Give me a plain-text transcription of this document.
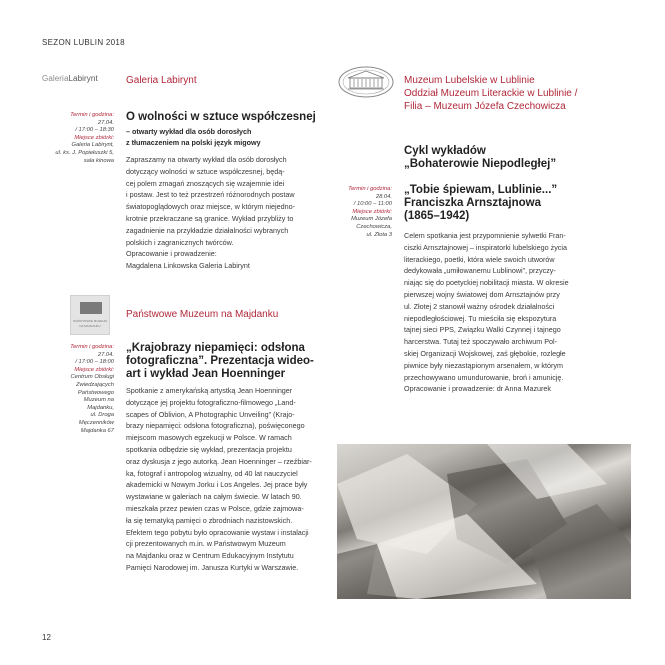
SEZON LUBLIN 2018
GaleriaLabirynt	Galeria Labirynt
Termin i godzina:
27.04.
/ 17:00 – 18:30
Miejsce zbiórki:
Galeria Labirynt,
ul. ks. J. Popiełuszki 5,
sala kinowa
O wolności w sztuce współczesnej
– otwarty wykład dla osób dorosłych
z tłumaczeniem na polski język migowy

Zapraszamy na otwarty wykład dla osób dorosłych

dotyczący wolności w sztuce współczesnej, będą-

cej polem zmagań znoszących się wzajemnie idei

i postaw. Jest to też przestrzeń różnorodnych postaw

światopoglądowych oraz miejsce, w którym niejedno-

krotnie przekraczane są granice. Wykład przybliży to

zagadnienie na przykładzie działalności wybranych

polskich i zagranicznych twórców.

Opracowanie i prowadzenie:

Magdalena Linkowska Galeria Labirynt

PAŃSTWOWE MUZEUM
NA MAJDANKU
Państwowe Muzeum na Majdanku
Termin i godzina:
27.04.
/ 17:00 – 18:00
Miejsce zbiórki:
Centrum Obsługi
Zwiedzających
Państwowego
Muzeum na
Majdanku,
ul. Droga
Męczenników
Majdanka 67
„Krajobrazy niepamięci: odsłona
fotograficzna”. Prezentacja wideo-
art i wykład Jean Hoenninger

Spotkanie z amerykańską artystką Jean Hoenninger

dotyczące jej projektu fotograficzno-filmowego „Land-

scapes of Oblivion, A Photographic Unveiling” (Krajo-

brazy niepamięci: odsłona fotograficzna), poświęconego

miejscom masowych egzekucji w Polsce. W ramach

spotkania odbędzie się wykład, prezentacja projektu

oraz dyskusja z jego autorką. Jean Hoenninger – rzeźbiar-

ka, fotograf i antropolog wizualny, od 40 lat nauczyciel

akademicki w Nowym Jorku i Los Angeles. Jej prace były

wystawiane w galeriach na całym świecie. W latach 90.

mieszkała przez pewien czas w Polsce, gdzie zajmowa-

ła się tematyką pamięci o zbrodniach nazistowskich.

Efektem tego pobytu było opracowanie wystaw i instalacji

cji prezentowanych m.in. w Państwowym Muzeum

na Majdanku oraz w Centrum Edukacyjnym Instytutu

Pamięci Narodowej im. Janusza Kurtyki w Warszawie.

Muzeum Lubelskie w Lublinie
Oddział Muzeum Literackie w Lublinie /
Filia – Muzeum Józefa Czechowicza
Cykl wykładów
„Bohaterowie Niepodległej”
Termin i godzina:
28.04.
/ 10:00 – 11:00
Miejsce zbiórki:
Muzeum Józefa
Czechowicza,
ul. Złota 3
„Tobie śpiewam, Lublinie...”
Franciszka Arnsztajnowa
(1865–1942)

Celem spotkania jest przypomnienie sylwetki Fran-

ciszki Arnsztajnowej – inspiratorki lubelskiego życia

literackiego, poetki, która wiele swoich utworów

dedykowała „umiłowanemu Lublinowi”, przyczy-

niając się do poetyckiej nobilitacji miasta. W okresie

pierwszej wojny światowej dom Arnsztajnów przy

ul. Złotej 2 stanowił ważny ośrodek działalności

niepodległościowej. Tu mieściła się ekspozytura

tajnej sieci PPS, Związku Walki Czynnej i tajnego

harcerstwa. Tutaj też spoczywało archiwum Pol-

skiej Organizacji Wojskowej, zaś głębokie, rozległe

piwnice były niezastąpionym arsenałem, w którym

przechowywano umundurowanie, broń i amunicję.

Opracowanie i prowadzenie: dr Anna Mazurek

12
